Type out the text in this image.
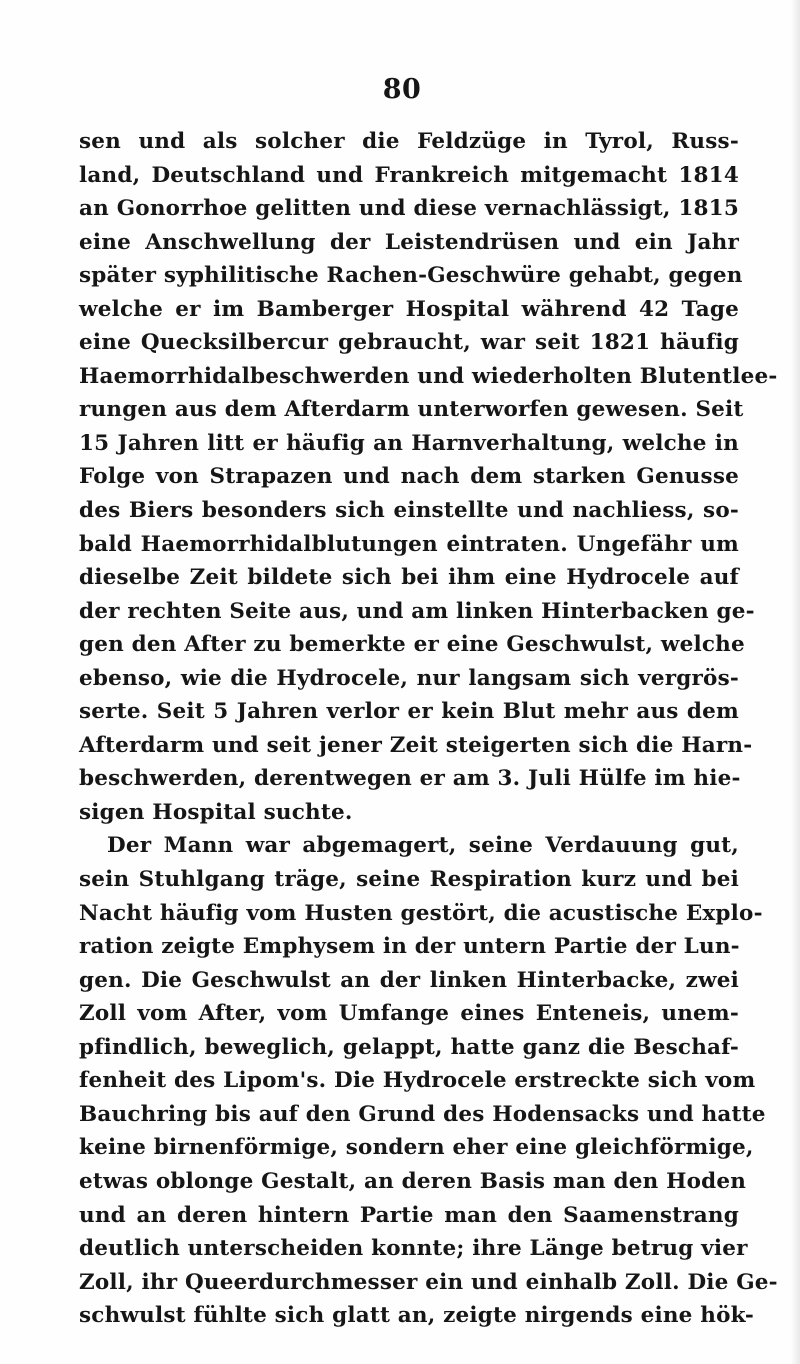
80
sen und als solcher die Feldzüge in Tyrol, Russ-
land, Deutschland und Frankreich mitgemacht 1814
an Gonorrhoe gelitten und diese vernachlässigt, 1815
eine Anschwellung der Leistendrüsen und ein Jahr
später syphilitische Rachen-Geschwüre gehabt, gegen
welche er im Bamberger Hospital während 42 Tage
eine Quecksilbercur gebraucht, war seit 1821 häufig
Haemorrhidalbeschwerden und wiederholten Blutentlee-
rungen aus dem Afterdarm unterworfen gewesen. Seit
15 Jahren litt er häufig an Harnverhaltung, welche in
Folge von Strapazen und nach dem starken Genusse
des Biers besonders sich einstellte und nachliess, so-
bald Haemorrhidalblutungen eintraten. Ungefähr um
dieselbe Zeit bildete sich bei ihm eine Hydrocele auf
der rechten Seite aus, und am linken Hinterbacken ge-
gen den After zu bemerkte er eine Geschwulst, welche
ebenso, wie die Hydrocele, nur langsam sich vergrös-
serte. Seit 5 Jahren verlor er kein Blut mehr aus dem
Afterdarm und seit jener Zeit steigerten sich die Harn-
beschwerden, derentwegen er am 3. Juli Hülfe im hie-
sigen Hospital suchte.
Der Mann war abgemagert, seine Verdauung gut,
sein Stuhlgang träge, seine Respiration kurz und bei
Nacht häufig vom Husten gestört, die acustische Explo-
ration zeigte Emphysem in der untern Partie der Lun-
gen. Die Geschwulst an der linken Hinterbacke, zwei
Zoll vom After, vom Umfange eines Enteneis, unem-
pfindlich, beweglich, gelappt, hatte ganz die Beschaf-
fenheit des Lipom's. Die Hydrocele erstreckte sich vom
Bauchring bis auf den Grund des Hodensacks und hatte
keine birnenförmige, sondern eher eine gleichförmige,
etwas oblonge Gestalt, an deren Basis man den Hoden
und an deren hintern Partie man den Saamenstrang
deutlich unterscheiden konnte; ihre Länge betrug vier
Zoll, ihr Queerdurchmesser ein und einhalb Zoll. Die Ge-
schwulst fühlte sich glatt an, zeigte nirgends eine hök-
